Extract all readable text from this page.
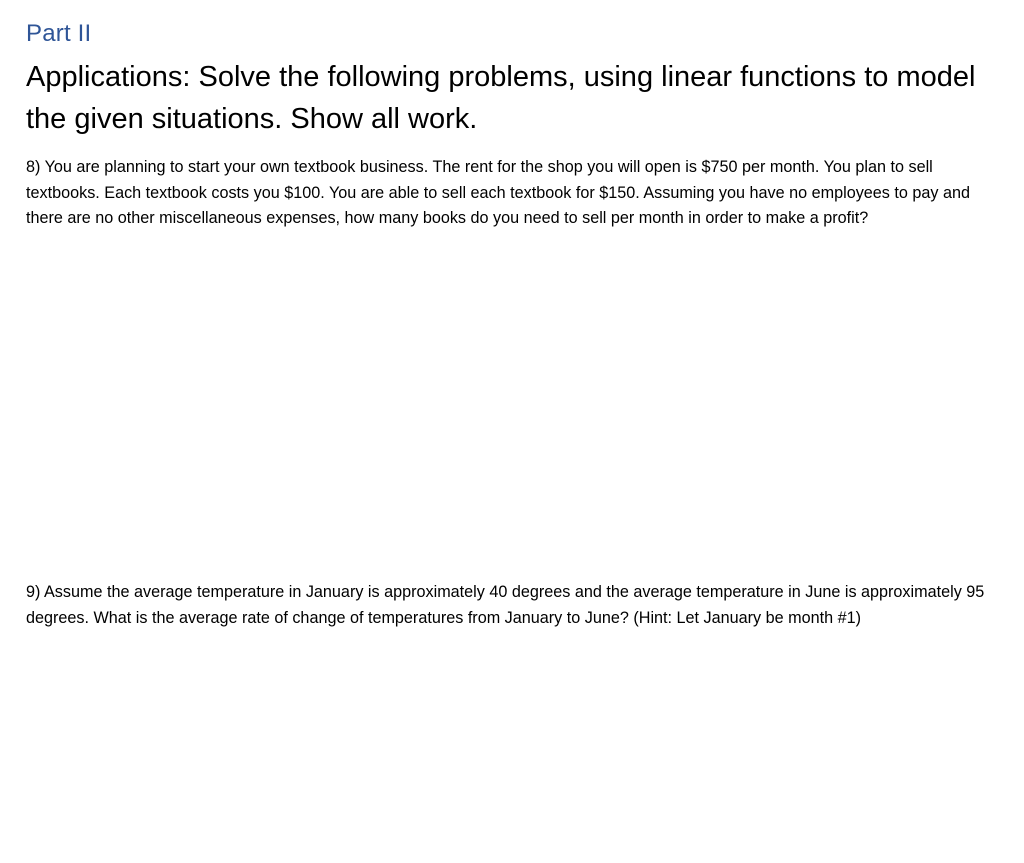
Part II
Applications: Solve the following problems, using linear functions to model the given situations. Show all work.

8) You are planning to start your own textbook business. The rent for the shop you will open is $750 per month. You plan to sell textbooks. Each textbook costs you $100. You are able to sell each textbook for $150. Assuming you have no employees to pay and there are no other miscellaneous expenses, how many books do you need to sell per month in order to make a profit?

9) Assume the average temperature in January is approximately 40 degrees and the average temperature in June is approximately 95 degrees. What is the average rate of change of temperatures from January to June? (Hint: Let January be month #1)
